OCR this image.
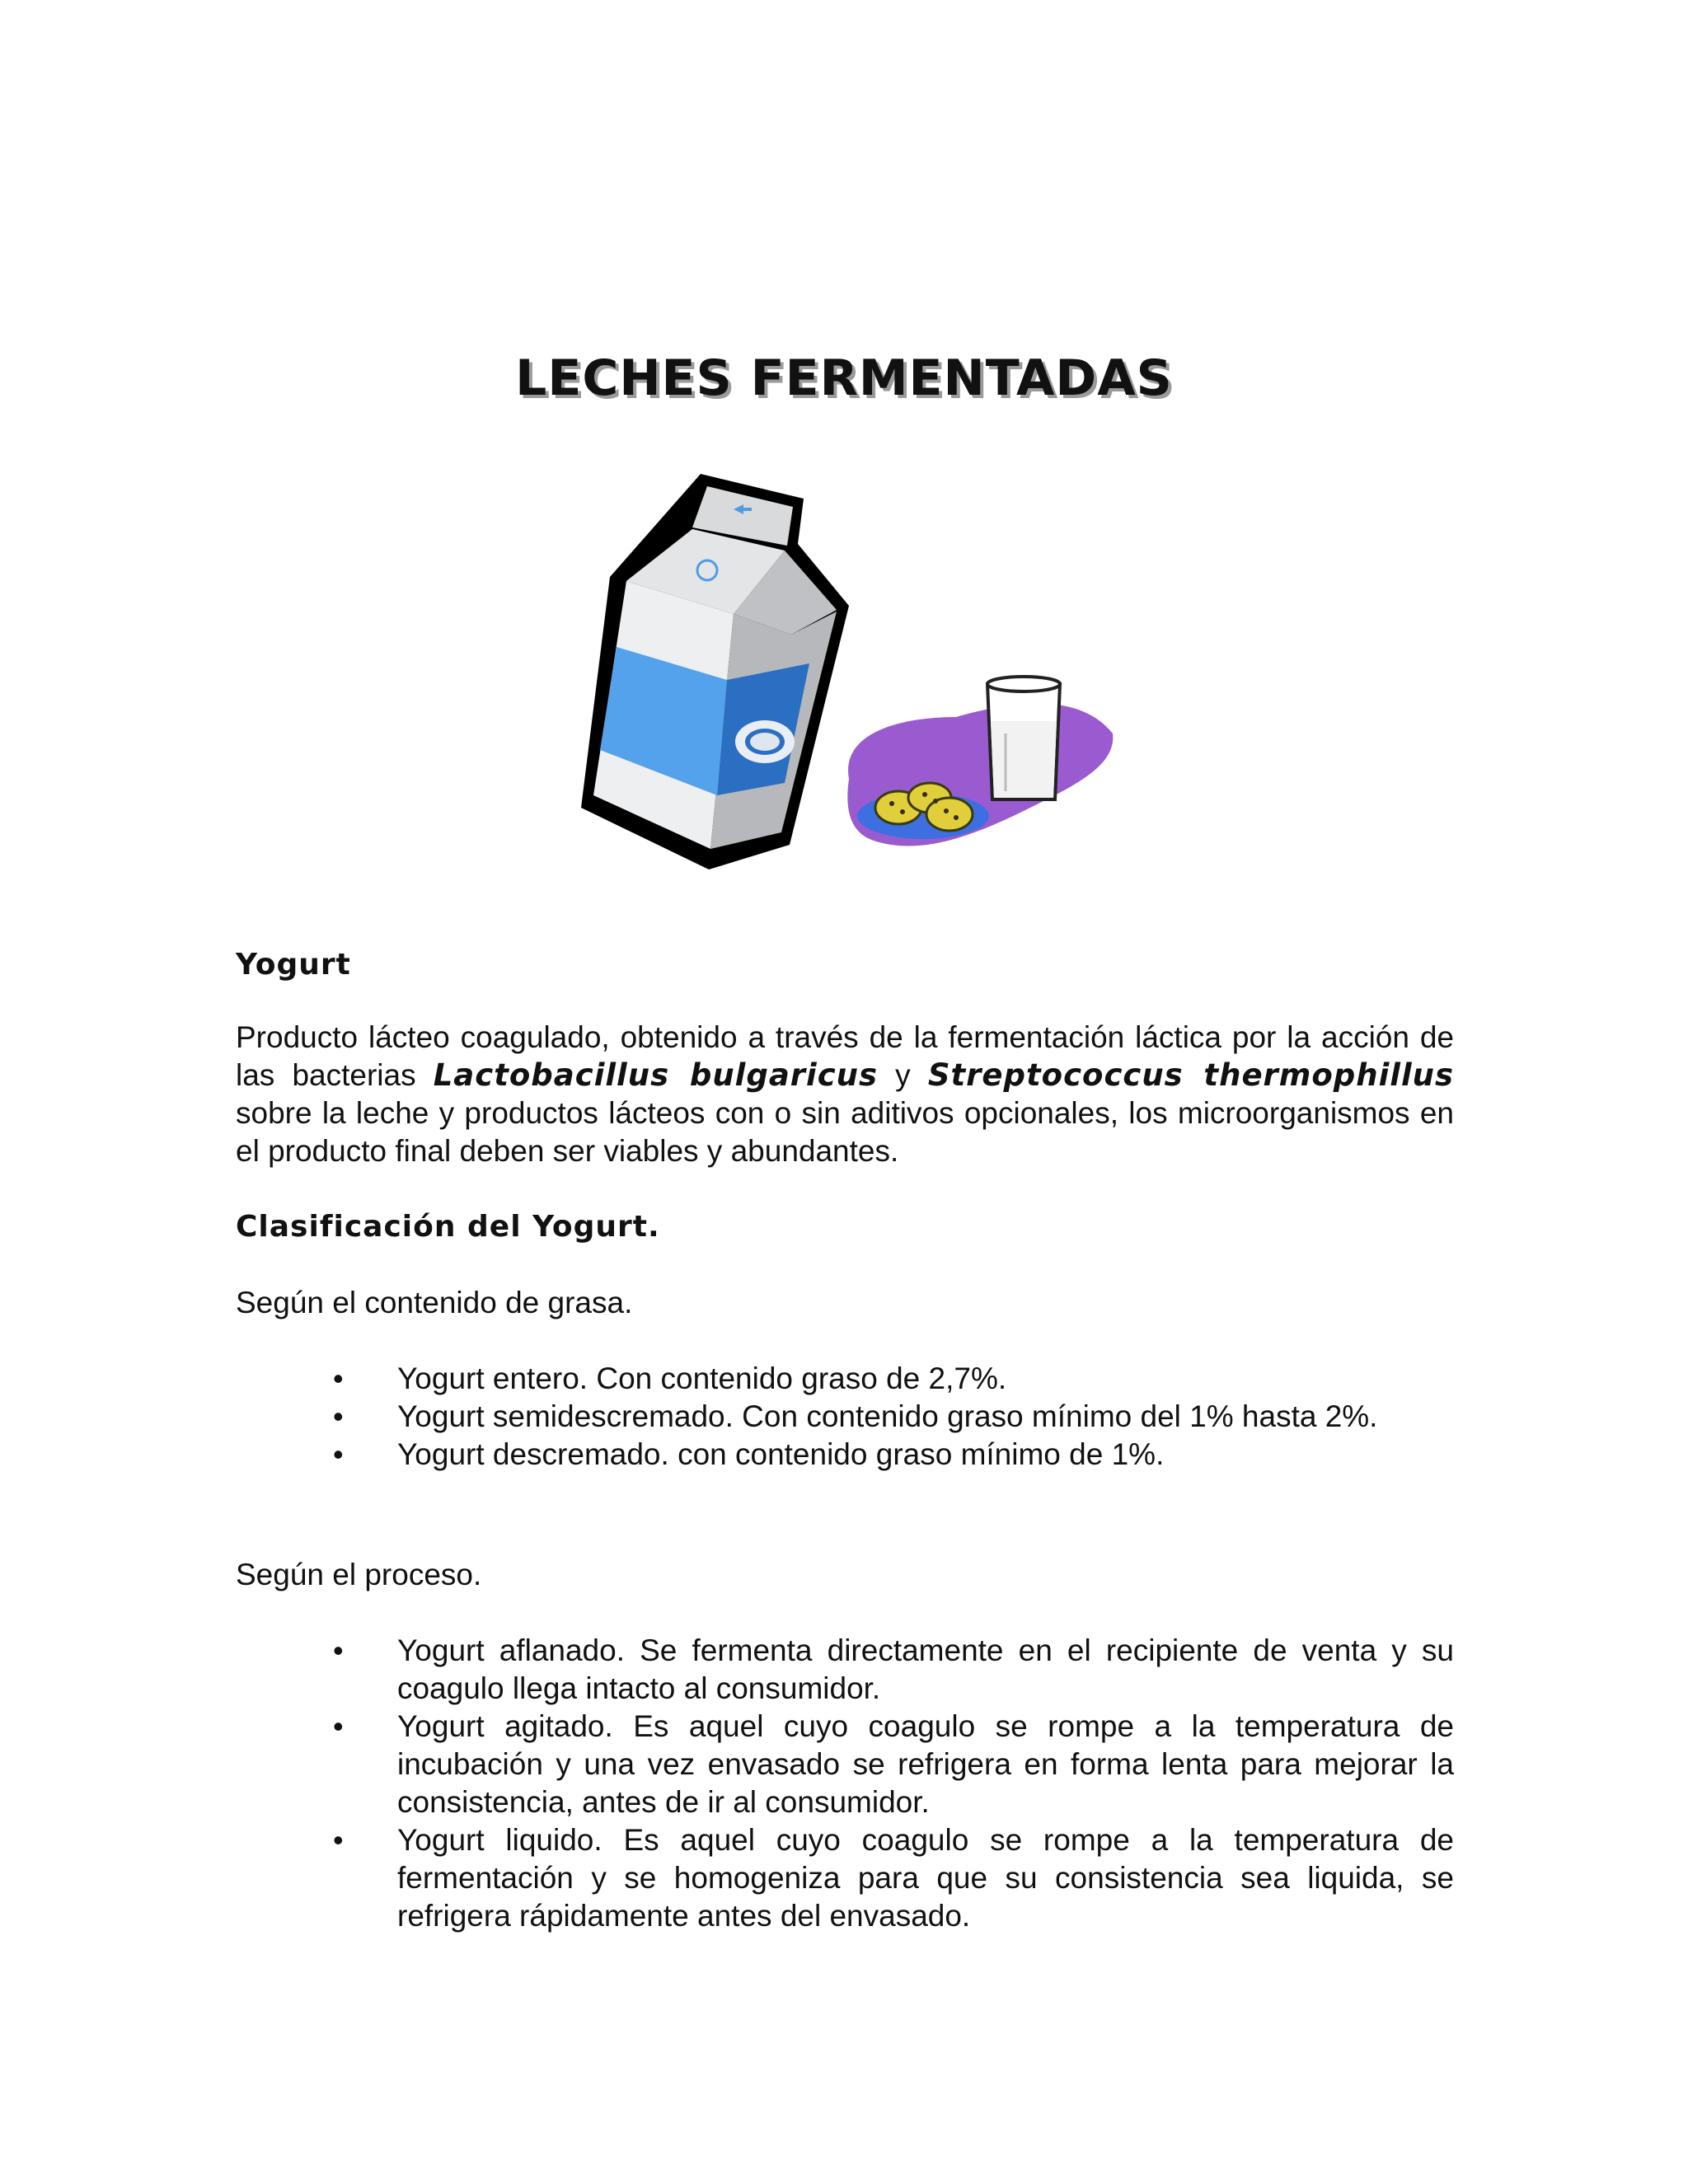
LECHES FERMENTADAS
Yogurt

Producto lácteo coagulado, obtenido a través de la fermentación láctica por la acción de las bacterias Lactobacillus bulgaricus y Streptococcus thermophillus sobre la leche y productos lácteos con o sin aditivos opcionales, los microorganismos en el producto final deben ser viables y abundantes.

Clasificación del Yogurt.
Según el contenido de grasa.
• Yogurt entero. Con contenido graso de 2,7%.
• Yogurt semidescremado. Con contenido graso mínimo del 1% hasta 2%.
• Yogurt descremado. con contenido graso mínimo de 1%.
Según el proceso.
• Yogurt aflanado. Se fermenta directamente en el recipiente de venta y su coagulo llega intacto al consumidor.
• Yogurt agitado. Es aquel cuyo coagulo se rompe a la temperatura de incubación y una vez envasado se refrigera en forma lenta para mejorar la consistencia, antes de ir al consumidor.
• Yogurt liquido. Es aquel cuyo coagulo se rompe a la temperatura de fermentación y se homogeniza para que su consistencia sea liquida, se refrigera rápidamente antes del envasado.
